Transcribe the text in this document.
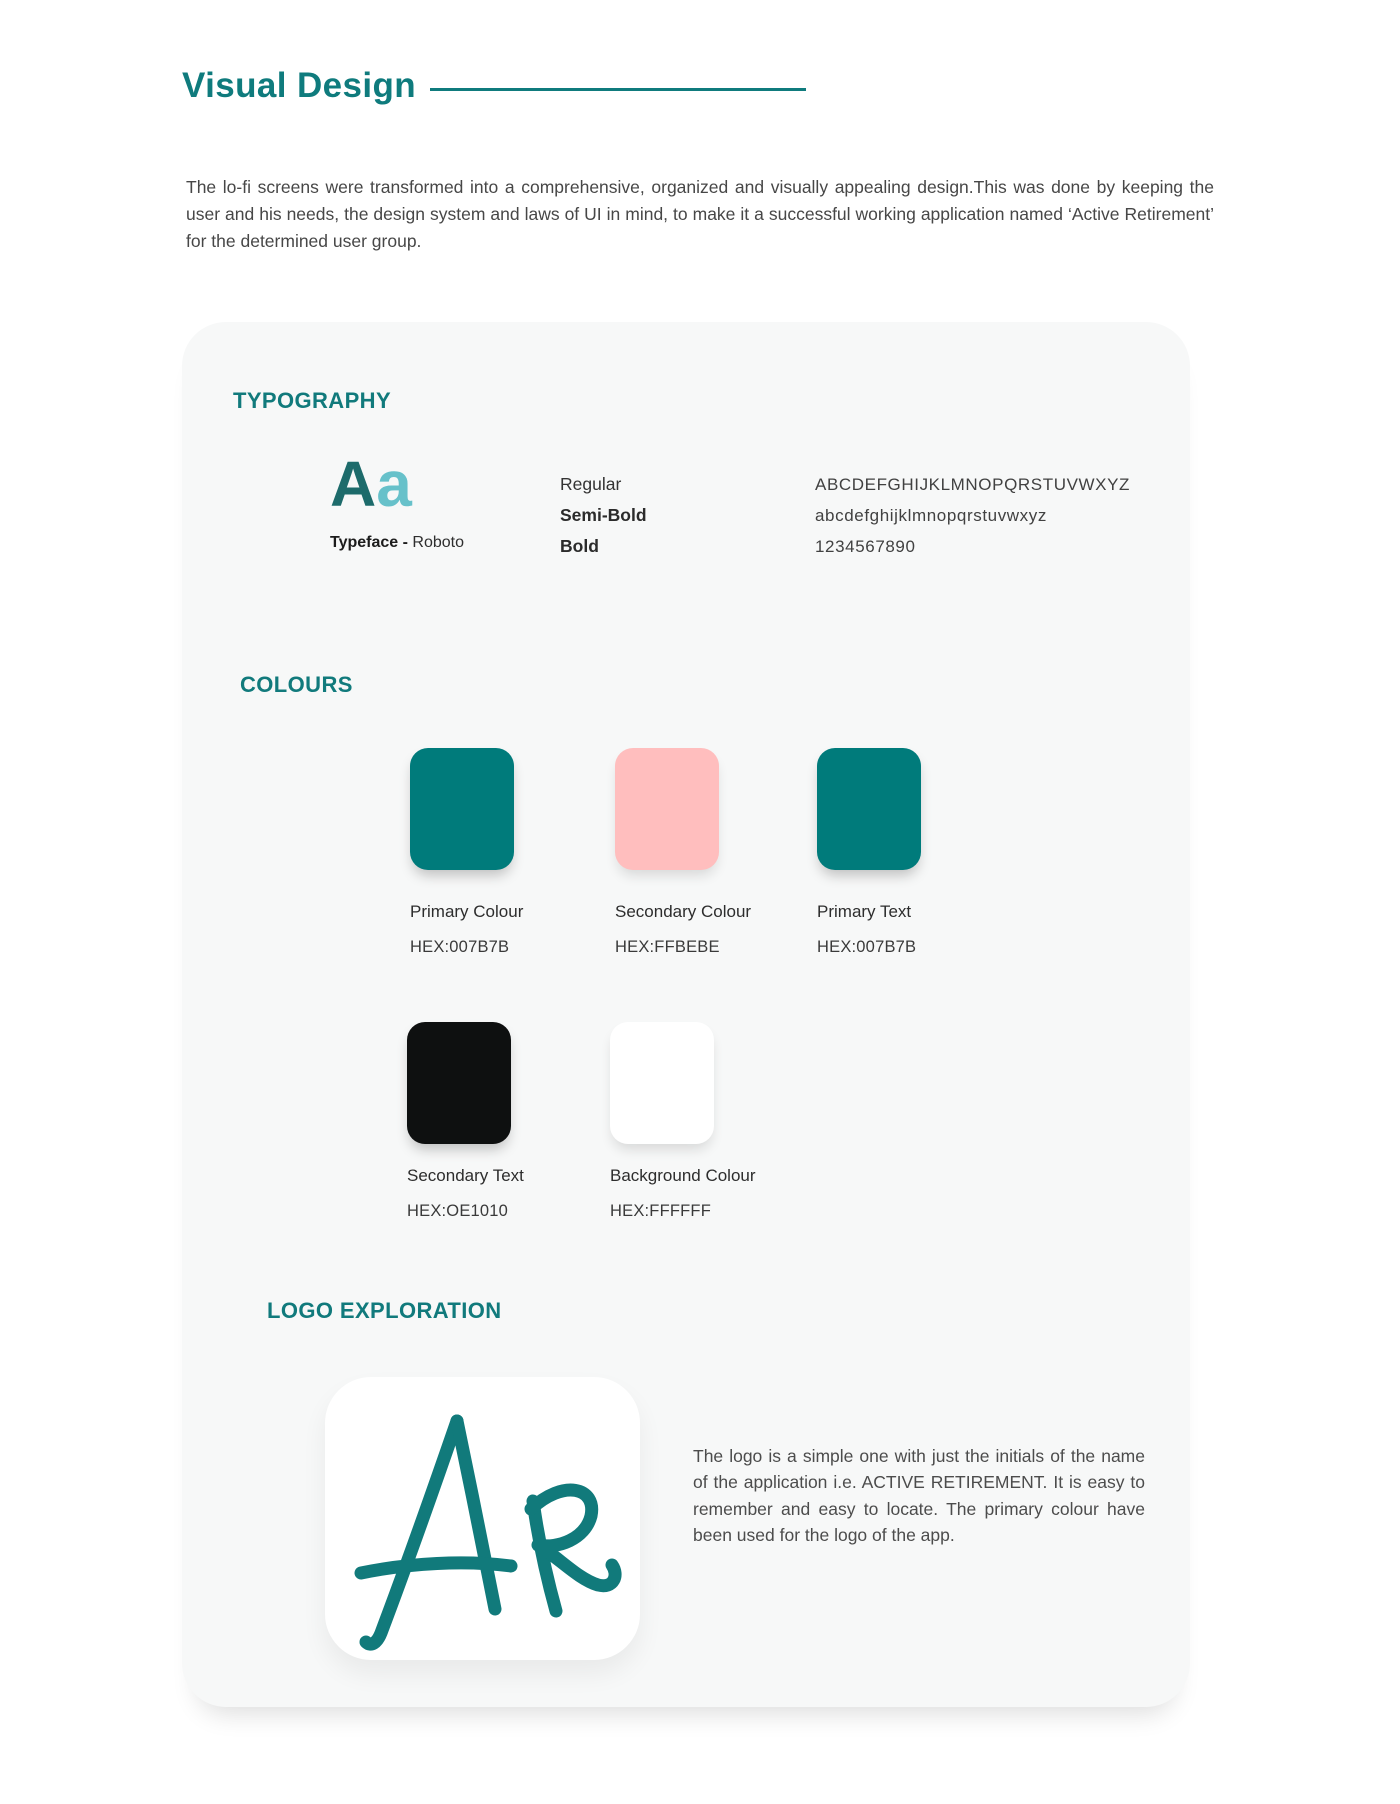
Visual Design

The lo-fi screens were transformed into a comprehensive, organized and visually appealing design.This was done by keeping the user and his needs, the design system and laws of UI in mind, to make it a successful working application named ‘Active Retirement’ for the determined user group.

TYPOGRAPHY
Aa

Typeface - Roboto

Regular
Semi-Bold
Bold
ABCDEFGHIJKLMNOPQRSTUVWXYZ
abcdefghijklmnopqrstuvwxyz
1234567890
COLOURS
Primary Colour
HEX:007B7B
Secondary Colour
HEX:FFBEBE
Primary Text
HEX:007B7B
Secondary Text
HEX:OE1010
Background Colour
HEX:FFFFFF
LOGO EXPLORATION

The logo is a simple one with just the initials of the name of the application i.e. ACTIVE RETIREMENT. It is easy to remember and easy to locate. The primary colour have been used for the logo of the app.
